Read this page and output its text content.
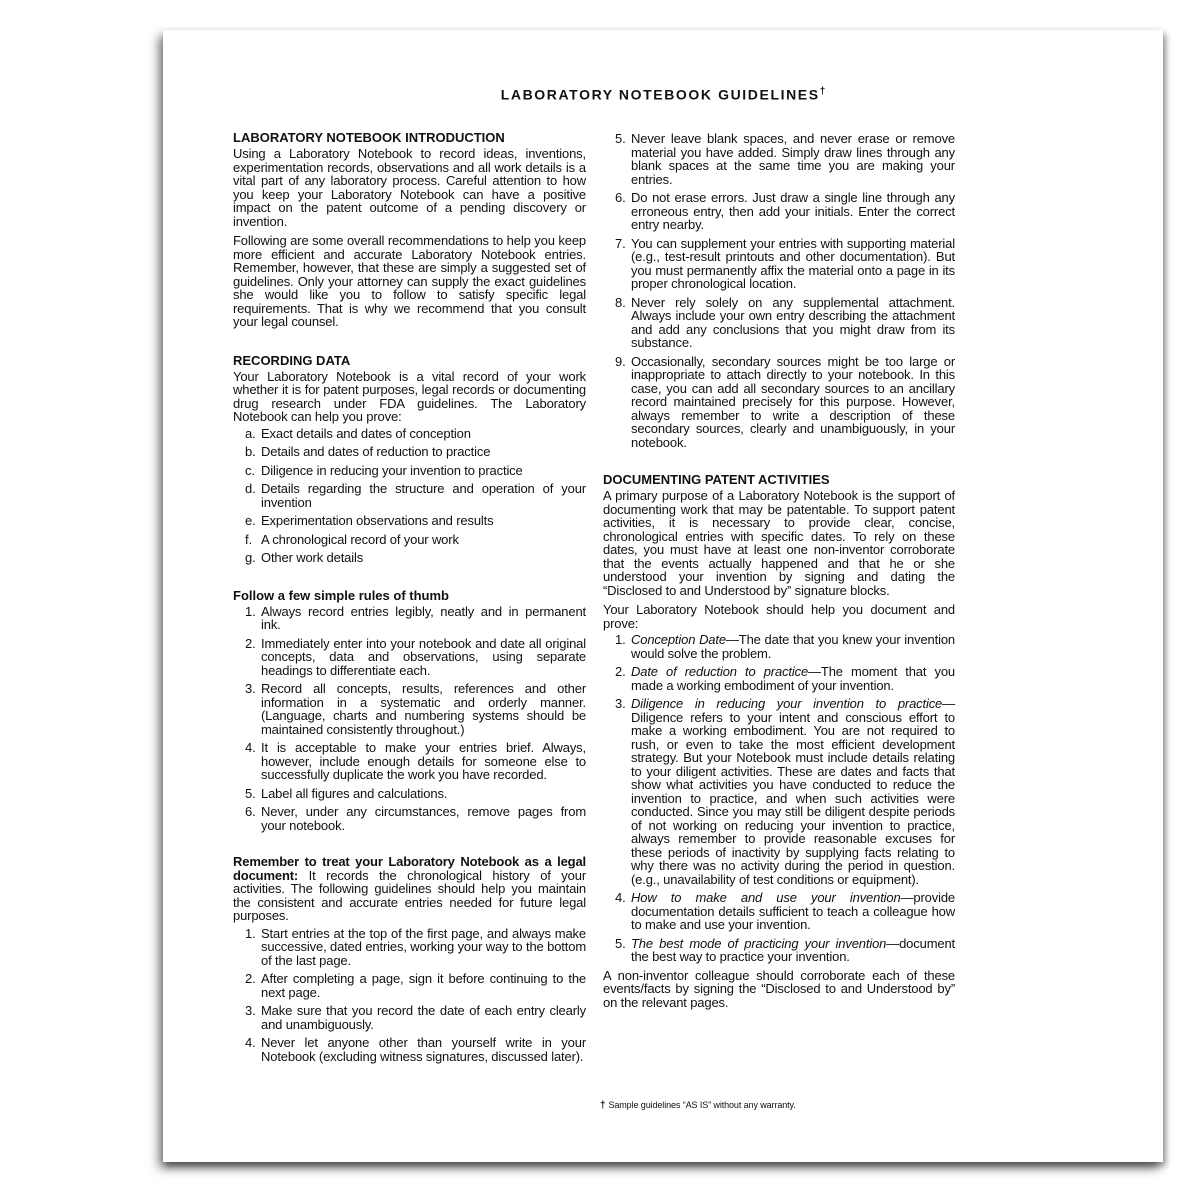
LABORATORY NOTEBOOK GUIDELINES†
LABORATORY NOTEBOOK INTRODUCTION

Using a Laboratory Notebook to record ideas, inventions, experimentation records, observations and all work details is a vital part of any laboratory process. Careful attention to how you keep your Laboratory Notebook can have a positive impact on the patent outcome of a pending discovery or invention.

Following are some overall recommendations to help you keep more efficient and accurate Laboratory Notebook entries. Remember, however, that these are simply a suggested set of guidelines. Only your attorney can supply the exact guidelines she would like you to follow to satisfy specific legal requirements. That is why we recommend that you consult your legal counsel.

RECORDING DATA

Your Laboratory Notebook is a vital record of your work whether it is for patent purposes, legal records or documenting drug research under FDA guidelines. The Laboratory Notebook can help you prove:

a. Exact details and dates of conception
b. Details and dates of reduction to practice
c. Diligence in reducing your invention to practice
d. Details regarding the structure and operation of your invention
e. Experimentation observations and results
f. A chronological record of your work
g. Other work details
Follow a few simple rules of thumb
1. Always record entries legibly, neatly and in permanent ink.
2. Immediately enter into your notebook and date all original concepts, data and observations, using separate headings to differentiate each.
3. Record all concepts, results, references and other information in a systematic and orderly manner. (Language, charts and numbering systems should be maintained consistently throughout.)
4. It is acceptable to make your entries brief. Always, however, include enough details for someone else to successfully duplicate the work you have recorded.
5. Label all figures and calculations.
6. Never, under any circumstances, remove pages from your notebook.

Remember to treat your Laboratory Notebook as a legal document: It records the chronological history of your activities. The following guidelines should help you maintain the consistent and accurate entries needed for future legal purposes.

1. Start entries at the top of the first page, and always make successive, dated entries, working your way to the bottom of the last page.
2. After completing a page, sign it before continuing to the next page.
3. Make sure that you record the date of each entry clearly and unambiguously.
4. Never let anyone other than yourself write in your Notebook (excluding witness signatures, discussed later).
5. Never leave blank spaces, and never erase or remove material you have added. Simply draw lines through any blank spaces at the same time you are making your entries.
6. Do not erase errors. Just draw a single line through any erroneous entry, then add your initials. Enter the correct entry nearby.
7. You can supplement your entries with supporting material (e.g., test-result printouts and other documentation). But you must permanently affix the material onto a page in its proper chronological location.
8. Never rely solely on any supplemental attachment. Always include your own entry describing the attachment and add any conclusions that you might draw from its substance.
9. Occasionally, secondary sources might be too large or inappropriate to attach directly to your notebook. In this case, you can add all secondary sources to an ancillary record maintained precisely for this purpose. However, always remember to write a description of these secondary sources, clearly and unambiguously, in your notebook.
DOCUMENTING PATENT ACTIVITIES

A primary purpose of a Laboratory Notebook is the support of documenting work that may be patentable. To support patent activities, it is necessary to provide clear, concise, chronological entries with specific dates. To rely on these dates, you must have at least one non-inventor corroborate that the events actually happened and that he or she understood your invention by signing and dating the “Disclosed to and Understood by” signature blocks.

Your Laboratory Notebook should help you document and prove:

1. Conception Date—The date that you knew your invention would solve the problem.
2. Date of reduction to practice—The moment that you made a working embodiment of your invention.
3. Diligence in reducing your invention to practice—Diligence refers to your intent and conscious effort to make a working embodiment. You are not required to rush, or even to take the most efficient development strategy. But your Notebook must include details relating to your diligent activities. These are dates and facts that show what activities you have conducted to reduce the invention to practice, and when such activities were conducted. Since you may still be diligent despite periods of not working on reducing your invention to practice, always remember to provide reasonable excuses for these periods of inactivity by supplying facts relating to why there was no activity during the period in question. (e.g., unavailability of test conditions or equipment).
4. How to make and use your invention—provide documentation details sufficient to teach a colleague how to make and use your invention.
5. The best mode of practicing your invention—document the best way to practice your invention.

A non-inventor colleague should corroborate each of these events/facts by signing the “Disclosed to and Understood by” on the relevant pages.

† Sample guidelines “AS IS” without any warranty.
